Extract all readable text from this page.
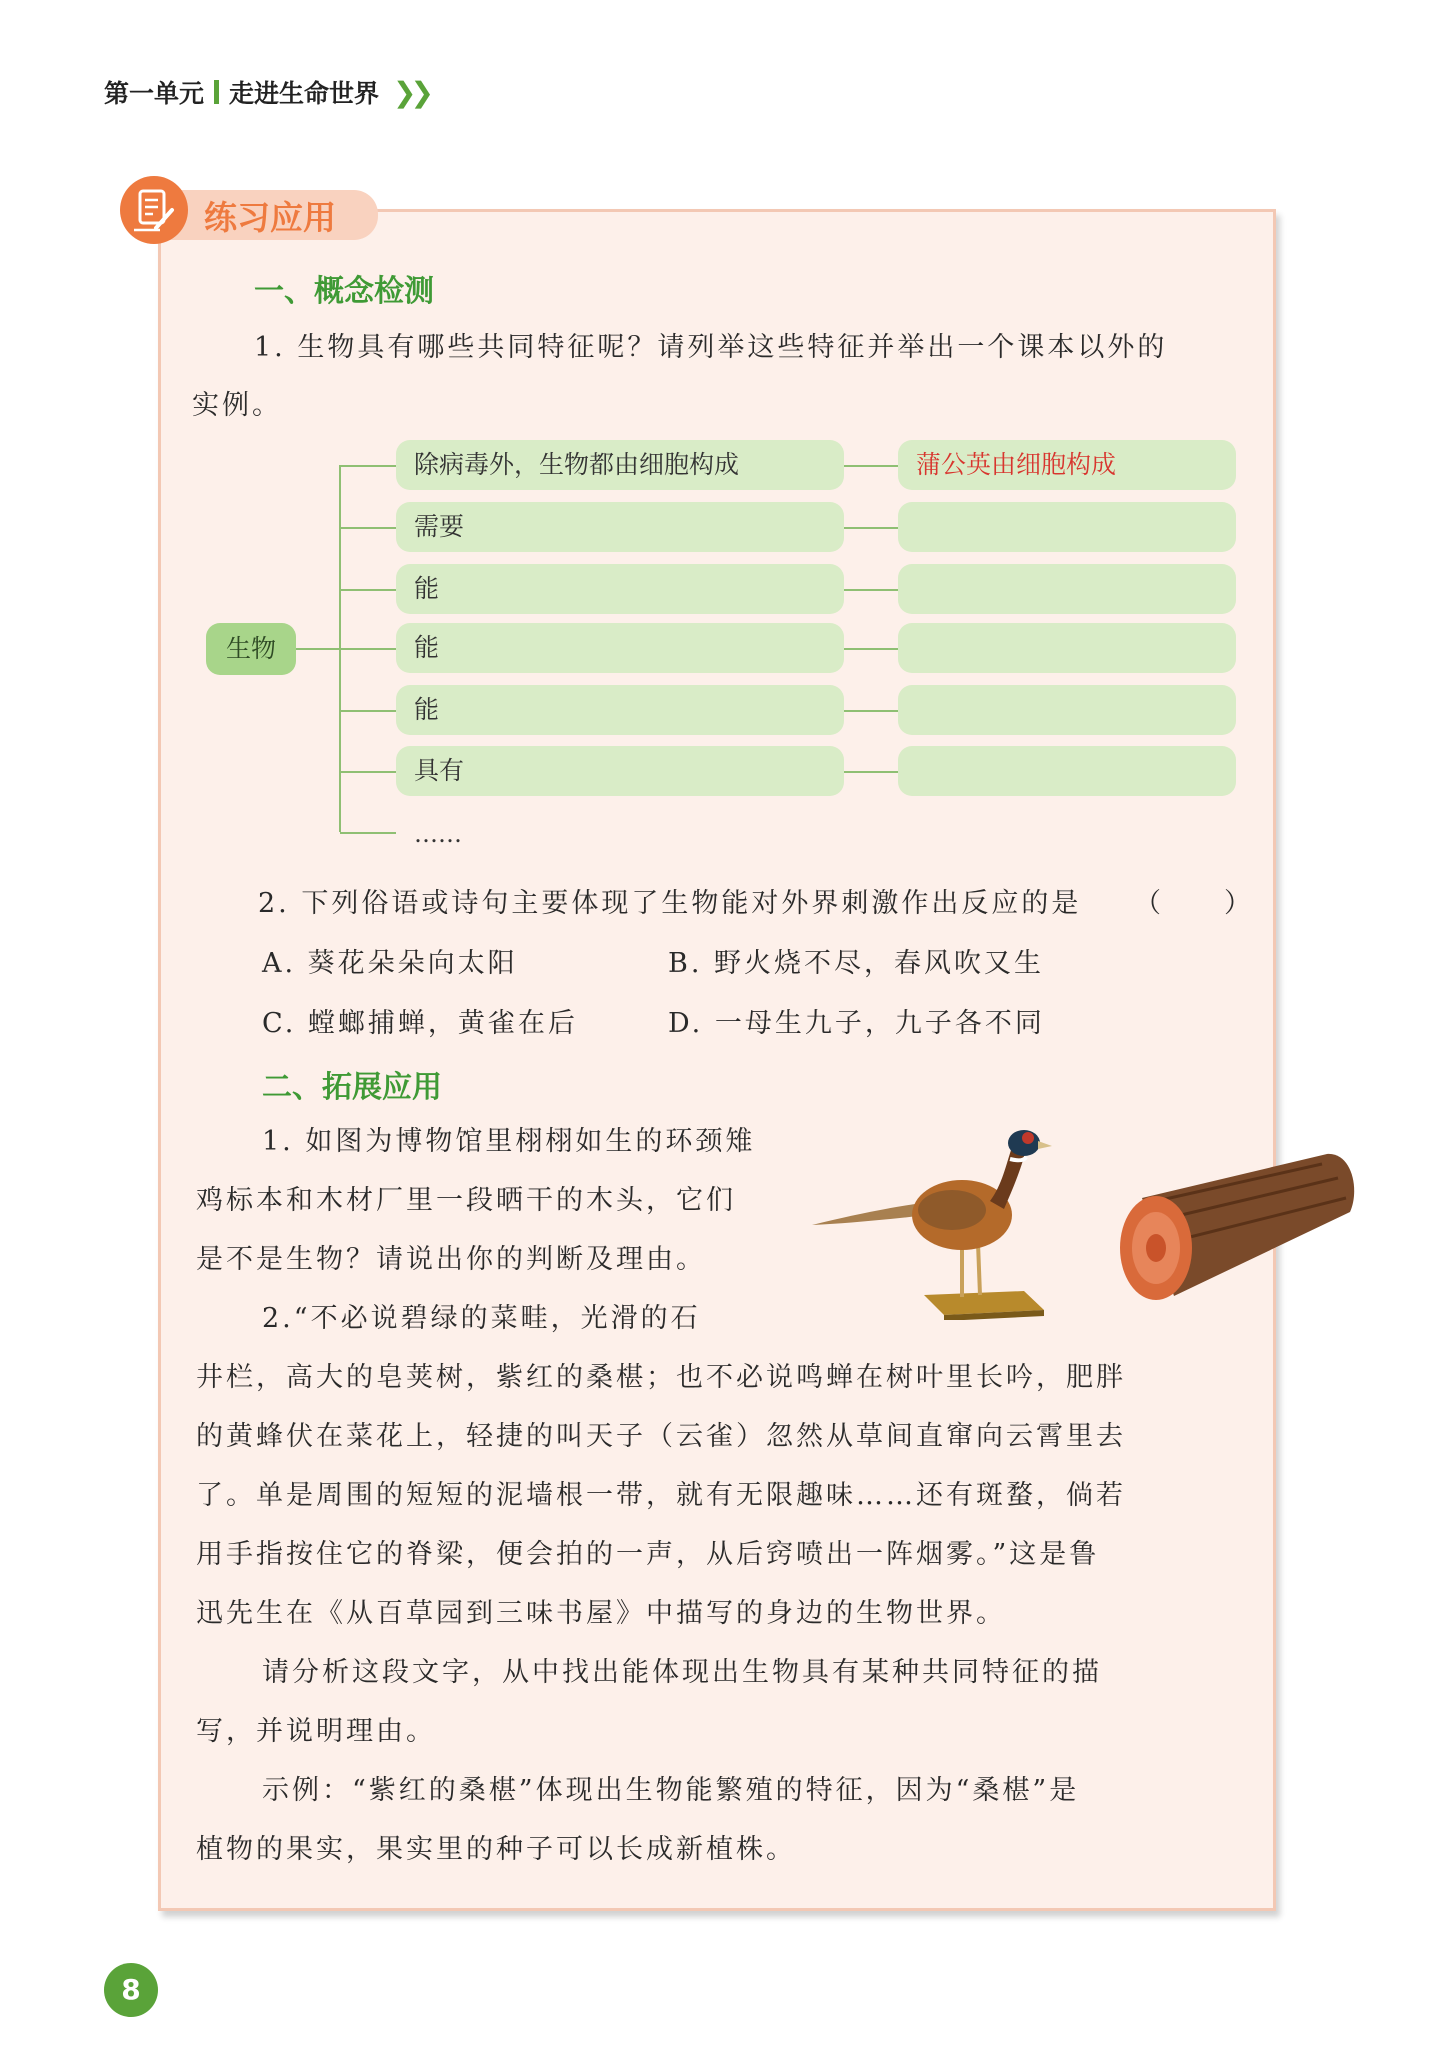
第一单元 走进生命世界 ❯❯
练习应用
一、概念检测
1. 生物具有哪些共同特征呢？请列举这些特征并举出一个课本以外的
实例。
生物
除病毒外，生物都由细胞构成	蒲公英由细胞构成
需要
能
能
能
具有
……
2. 下列俗语或诗句主要体现了生物能对外界刺激作出反应的是 （　　）
A. 葵花朵朵向太阳	B. 野火烧不尽，春风吹又生
C. 螳螂捕蝉，黄雀在后	D. 一母生九子，九子各不同
二、拓展应用
1. 如图为博物馆里栩栩如生的环颈雉
鸡标本和木材厂里一段晒干的木头，它们
是不是生物？请说出你的判断及理由。
2.“不必说碧绿的菜畦，光滑的石
井栏，高大的皂荚树，紫红的桑椹；也不必说鸣蝉在树叶里长吟，肥胖
的黄蜂伏在菜花上，轻捷的叫天子（云雀）忽然从草间直窜向云霄里去
了。单是周围的短短的泥墙根一带，就有无限趣味……还有斑蝥，倘若
用手指按住它的脊梁，便会拍的一声，从后窍喷出一阵烟雾。”这是鲁
迅先生在《从百草园到三味书屋》中描写的身边的生物世界。
请分析这段文字，从中找出能体现出生物具有某种共同特征的描
写，并说明理由。
示例：“紫红的桑椹”体现出生物能繁殖的特征，因为“桑椹”是
植物的果实，果实里的种子可以长成新植株。
8
